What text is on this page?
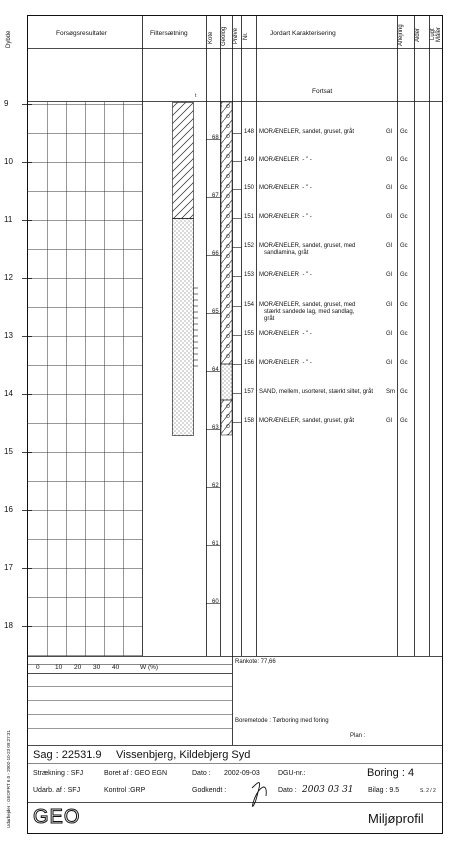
Dybde	Forsøgsresultater	Filtersætning	Kote Geolog Prøve Nr.	Jordart Karakterisering	Aflejring Alder Lugt Måler
Fortsat
t
9
10
11
12
13
14
15
16
17
18
68
67
66
65
64
63
62
61
60
148 MORÆNELER, sandet, gruset, gråt	Gl Gc
149 MORÆNELER  - " -	Gl Gc
150 MORÆNELER  - " -	Gl Gc
151 MORÆNELER  - " -	Gl Gc
152 MORÆNELER, sandet, gruset, med
sandlamina, gråt
Gl Gc
153 MORÆNELER  - " -	Gl Gc
154 MORÆNELER, sandet, gruset, med
stærkt sandede lag, med sandlag,
gråt
Gl Gc
155 MORÆNELER  - " -	Gl Gc
156 MORÆNELER  - " -	Gl Gc
157 SAND, mellem, usorteret, stærkt siltet, gråt Sm Gc
158 MORÆNELER, sandet, gruset, gråt	Gl Gc
0 10 20 30 40	W (%)
Rankote: 77,66
Boremetode : Tørboring med foring
Plan :
Udarbejder : GEOFRT 6.0 - 2002-10-23 09:27:31 Sag : 22531.9 Vissenbjerg, Kildebjerg Syd
Strækning : SFJ	Boret af : GEO EGN	Dato : 2002-09-03	DGU-nr.:	Boring : 4
Udarb. af : SFJ	Kontrol :GRP	Godkendt :	Dato : 2003 03 31 Bilag : 9.5	S. 2 / 2
GEO	Miljøprofil
